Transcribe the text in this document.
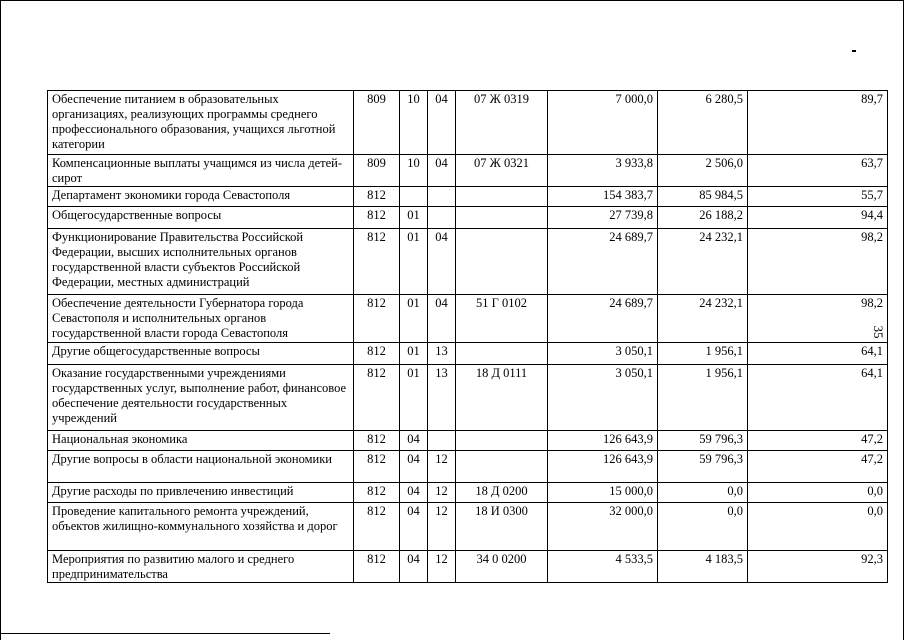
35
Обеспечение питанием в образовательных организациях, реализующих программы среднего профессионального образования, учащихся льготной категории	809	10	04	07 Ж 0319	7 000,0	6 280,5	89,7
Компенсационные выплаты учащимся из числа детей-сирот	809	10	04	07 Ж 0321	3 933,8	2 506,0	63,7
Департамент экономики города Севастополя	812				154 383,7	85 984,5	55,7
Общегосударственные вопросы	812	01			27 739,8	26 188,2	94,4
Функционирование Правительства Российской Федерации, высших исполнительных органов государственной власти субъектов Российской Федерации, местных администраций	812	01	04		24 689,7	24 232,1	98,2
Обеспечение деятельности Губернатора города Севастополя и исполнительных органов государственной власти города Севастополя	812	01	04	51 Г 0102	24 689,7	24 232,1	98,2
Другие общегосударственные вопросы	812	01	13		3 050,1	1 956,1	64,1
Оказание государственными учреждениями государственных услуг, выполнение работ, финансовое обеспечение деятельности государственных учреждений	812	01	13	18 Д 0111	3 050,1	1 956,1	64,1
Национальная экономика	812	04			126 643,9	59 796,3	47,2
Другие вопросы в области национальной экономики	812	04	12		126 643,9	59 796,3	47,2
Другие расходы по привлечению инвестиций	812	04	12	18 Д 0200	15 000,0	0,0	0,0
Проведение капитального ремонта учреждений, объектов жилищно-коммунального хозяйства и дорог	812	04	12	18 И 0300	32 000,0	0,0	0,0
Мероприятия по развитию малого и среднего предпринимательства	812	04	12	34 0 0200	4 533,5	4 183,5	92,3
